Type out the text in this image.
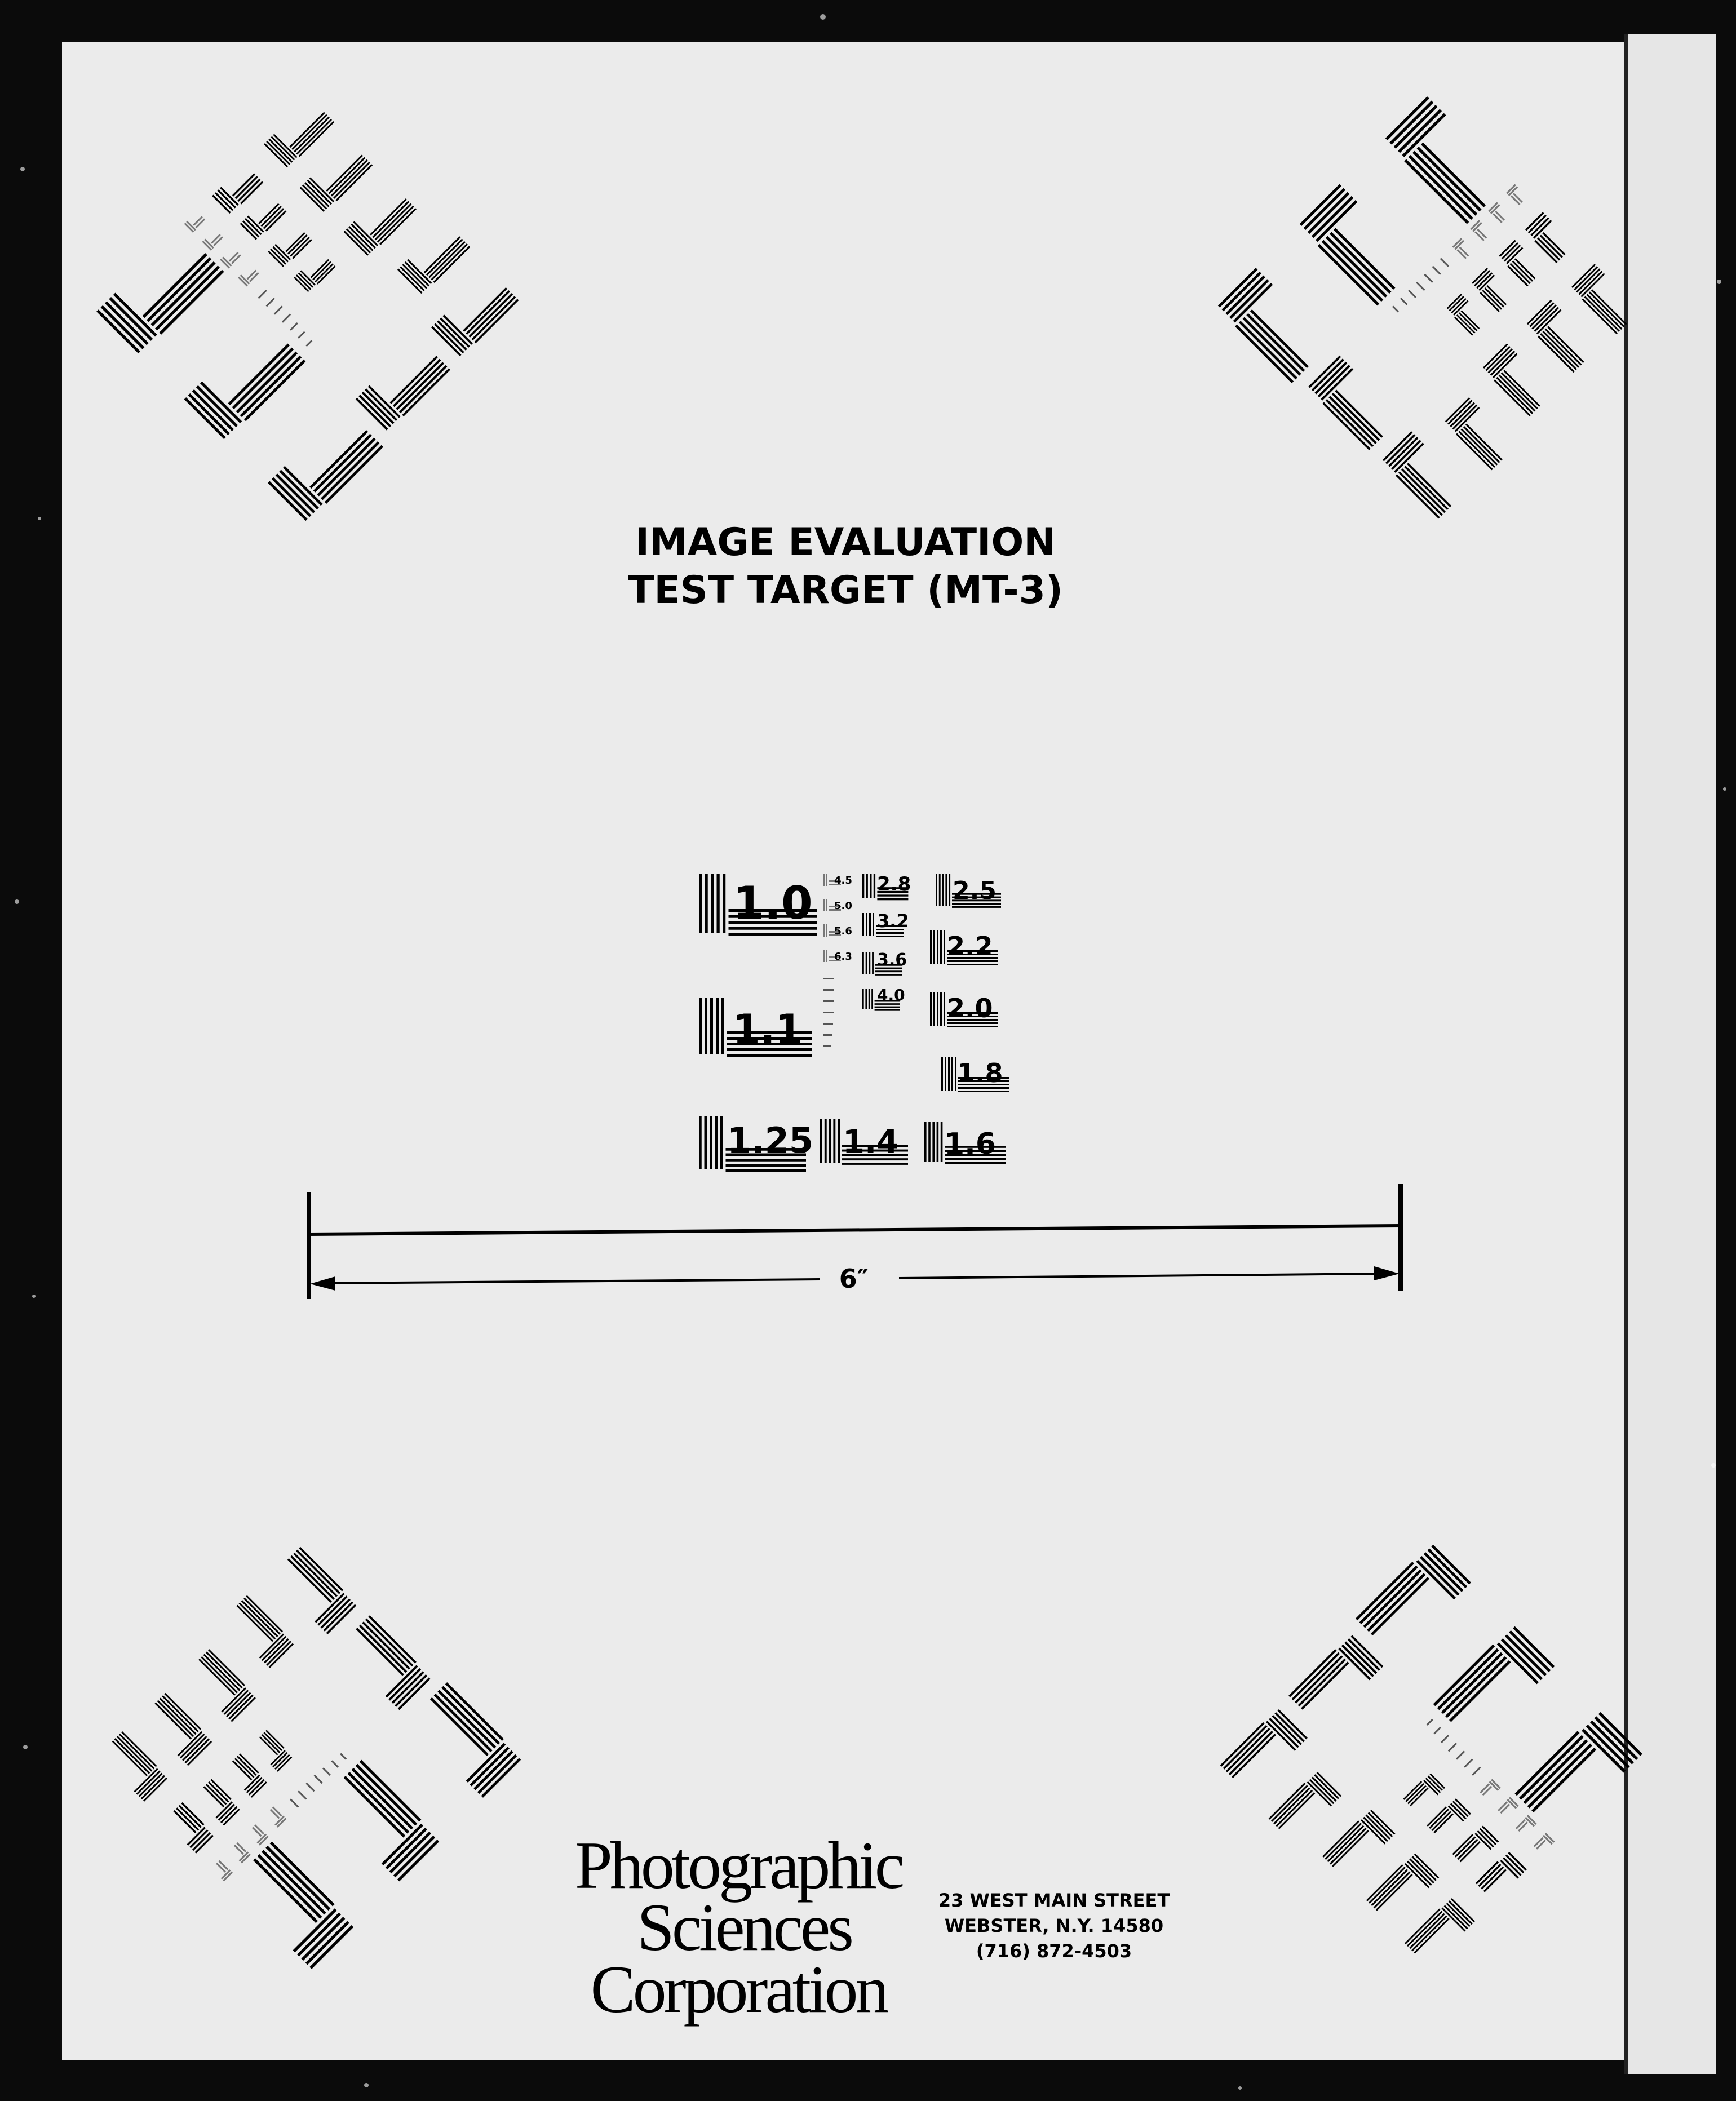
1.0
1.1
1.25 1.4 1.6
1.8
2.0
2.2
2.5
2.8
3.2
3.6
4.0
4.5
5.0
5.6
6.3
IMAGE EVALUATION
TEST TARGET (MT-3)
6″
Photographic
Sciences
Corporation
23 WEST MAIN STREET
WEBSTER, N.Y. 14580
(716) 872-4503
